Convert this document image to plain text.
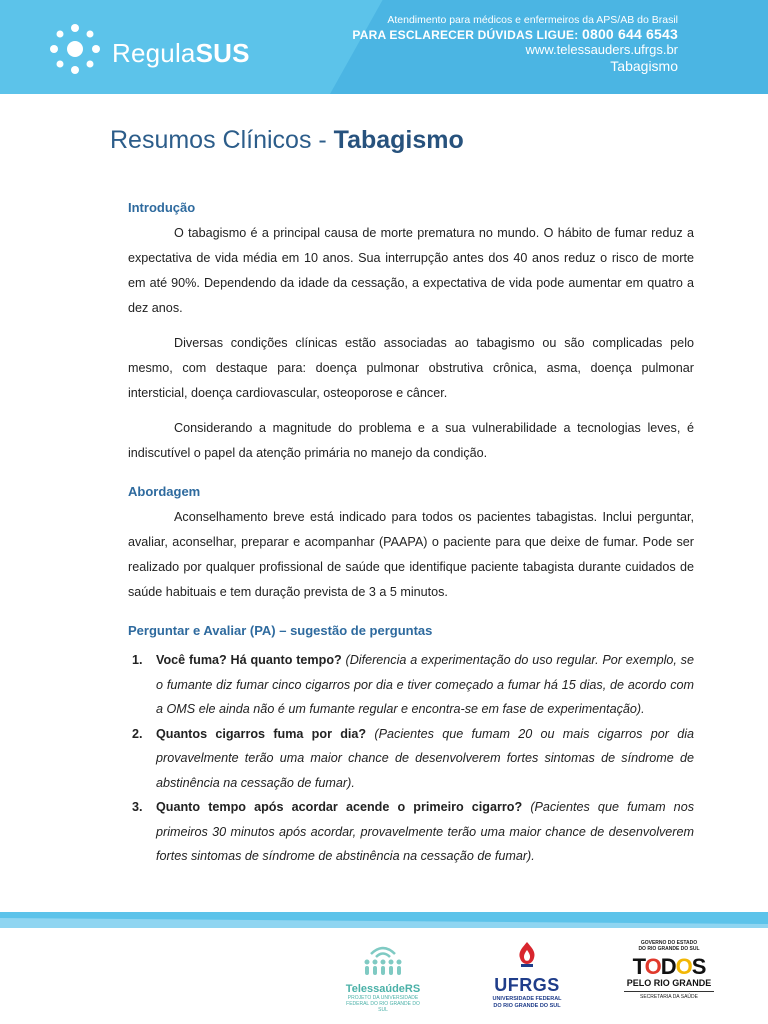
RegulaSUS
Atendimento para médicos e enfermeiros da APS/AB do Brasil
PARA ESCLARECER DÚVIDAS LIGUE: 0800 644 6543
www.telessauders.ufrgs.br
Tabagismo
Resumos Clínicos - Tabagismo
Introdução

O tabagismo é a principal causa de morte prematura no mundo. O hábito de fumar reduz a expectativa de vida média em 10 anos. Sua interrupção antes dos 40 anos reduz o risco de morte em até 90%. Dependendo da idade da cessação, a expectativa de vida pode aumentar em quatro a dez anos.

Diversas condições clínicas estão associadas ao tabagismo ou são complicadas pelo mesmo, com destaque para: doença pulmonar obstrutiva crônica, asma, doença pulmonar intersticial, doença cardiovascular, osteoporose e câncer.

Considerando a magnitude do problema e a sua vulnerabilidade a tecnologias leves, é indiscutível o papel da atenção primária no manejo da condição.

Abordagem

Aconselhamento breve está indicado para todos os pacientes tabagistas. Inclui perguntar, avaliar, aconselhar, preparar e acompanhar (PAAPA) o paciente para que deixe de fumar. Pode ser realizado por qualquer profissional de saúde que identifique paciente tabagista durante cuidados de saúde habituais e tem duração prevista de 3 a 5 minutos.

Perguntar e Avaliar (PA) – sugestão de perguntas
1. Você fuma? Há quanto tempo? (Diferencia a experimentação do uso regular. Por exemplo, se o fumante diz fumar cinco cigarros por dia e tiver começado a fumar há 15 dias, de acordo com a OMS ele ainda não é um fumante regular e encontra-se em fase de experimentação).
2. Quantos cigarros fuma por dia? (Pacientes que fumam 20 ou mais cigarros por dia provavelmente terão uma maior chance de desenvolverem fortes sintomas de síndrome de abstinência na cessação de fumar).
3. Quanto tempo após acordar acende o primeiro cigarro? (Pacientes que fumam nos primeiros 30 minutos após acordar, provavelmente terão uma maior chance de desenvolverem fortes sintomas de síndrome de abstinência na cessação de fumar).
TelessaúdeRS
PROJETO DA UNIVERSIDADE
FEDERAL DO RIO GRANDE DO SUL
UFRGS
UNIVERSIDADE FEDERAL
DO RIO GRANDE DO SUL
GOVERNO DO ESTADO
DO RIO GRANDE DO SUL
TODOS
PELO RIO GRANDE
SECRETARIA DA SAÚDE
